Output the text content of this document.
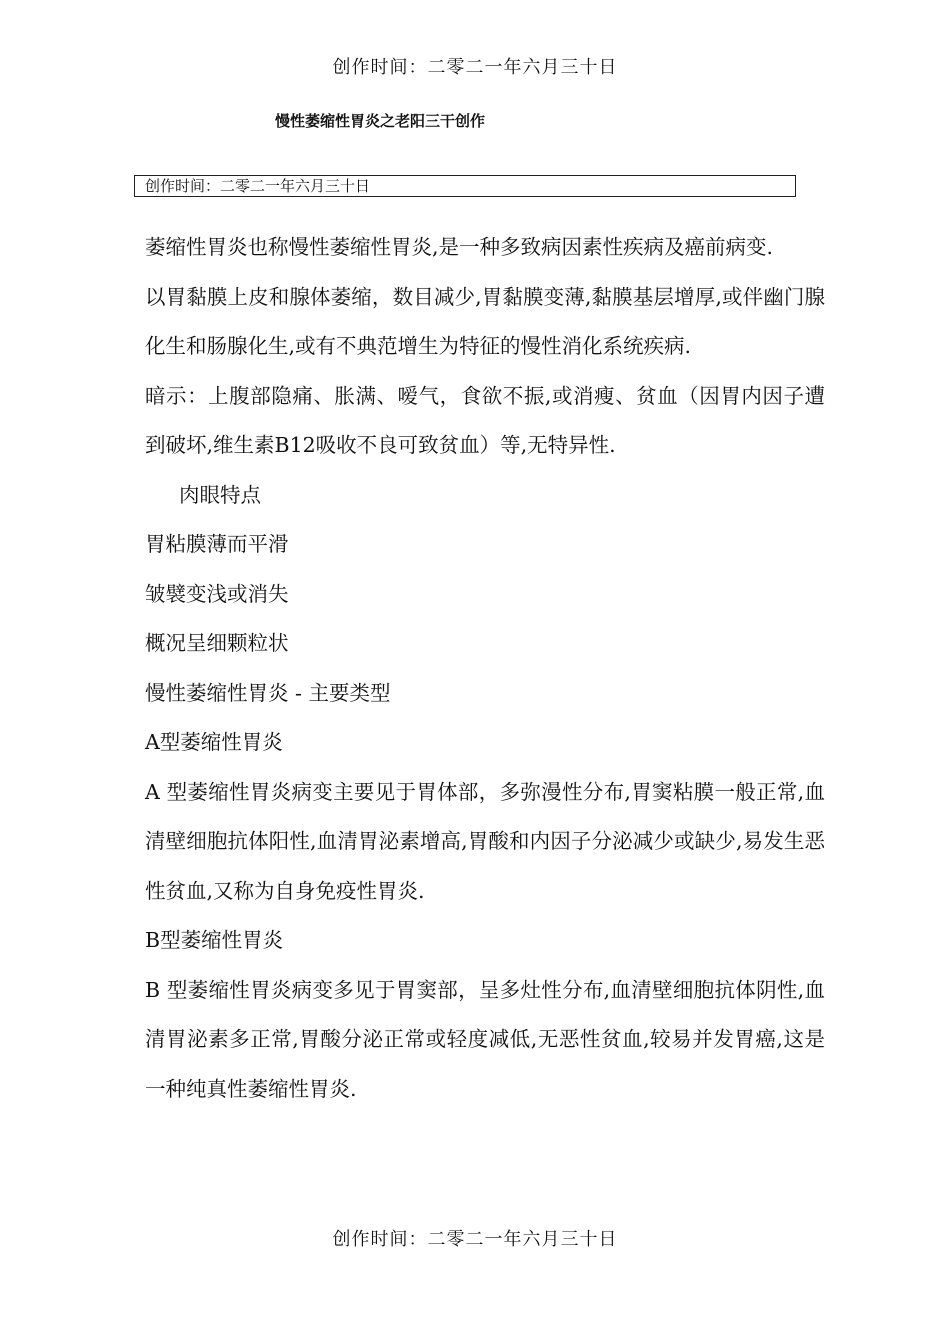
创作时间：二零二一年六月三十日
慢性萎缩性胃炎之老阳三干创作
创作时间：二零二一年六月三十日

萎缩性胃炎也称慢性萎缩性胃炎,是一种多致病因素性疾病及癌前病变.

以胃黏膜上皮和腺体萎缩，数目减少,胃黏膜变薄,黏膜基层增厚,或伴幽门腺化生和肠腺化生,或有不典范增生为特征的慢性消化系统疾病.

暗示：上腹部隐痛、胀满、嗳气，食欲不振,或消瘦、贫血（因胃内因子遭到破坏,维生素B12吸收不良可致贫血）等,无特异性.

肉眼特点

胃粘膜薄而平滑

皱襞变浅或消失

概况呈细颗粒状

慢性萎缩性胃炎 - 主要类型

A型萎缩性胃炎

A 型萎缩性胃炎病变主要见于胃体部，多弥漫性分布,胃窦粘膜一般正常,血清壁细胞抗体阳性,血清胃泌素增高,胃酸和内因子分泌减少或缺少,易发生恶性贫血,又称为自身免疫性胃炎.

B型萎缩性胃炎

B 型萎缩性胃炎病变多见于胃窦部，呈多灶性分布,血清壁细胞抗体阴性,血清胃泌素多正常,胃酸分泌正常或轻度减低,无恶性贫血,较易并发胃癌,这是一种纯真性萎缩性胃炎.

创作时间：二零二一年六月三十日
